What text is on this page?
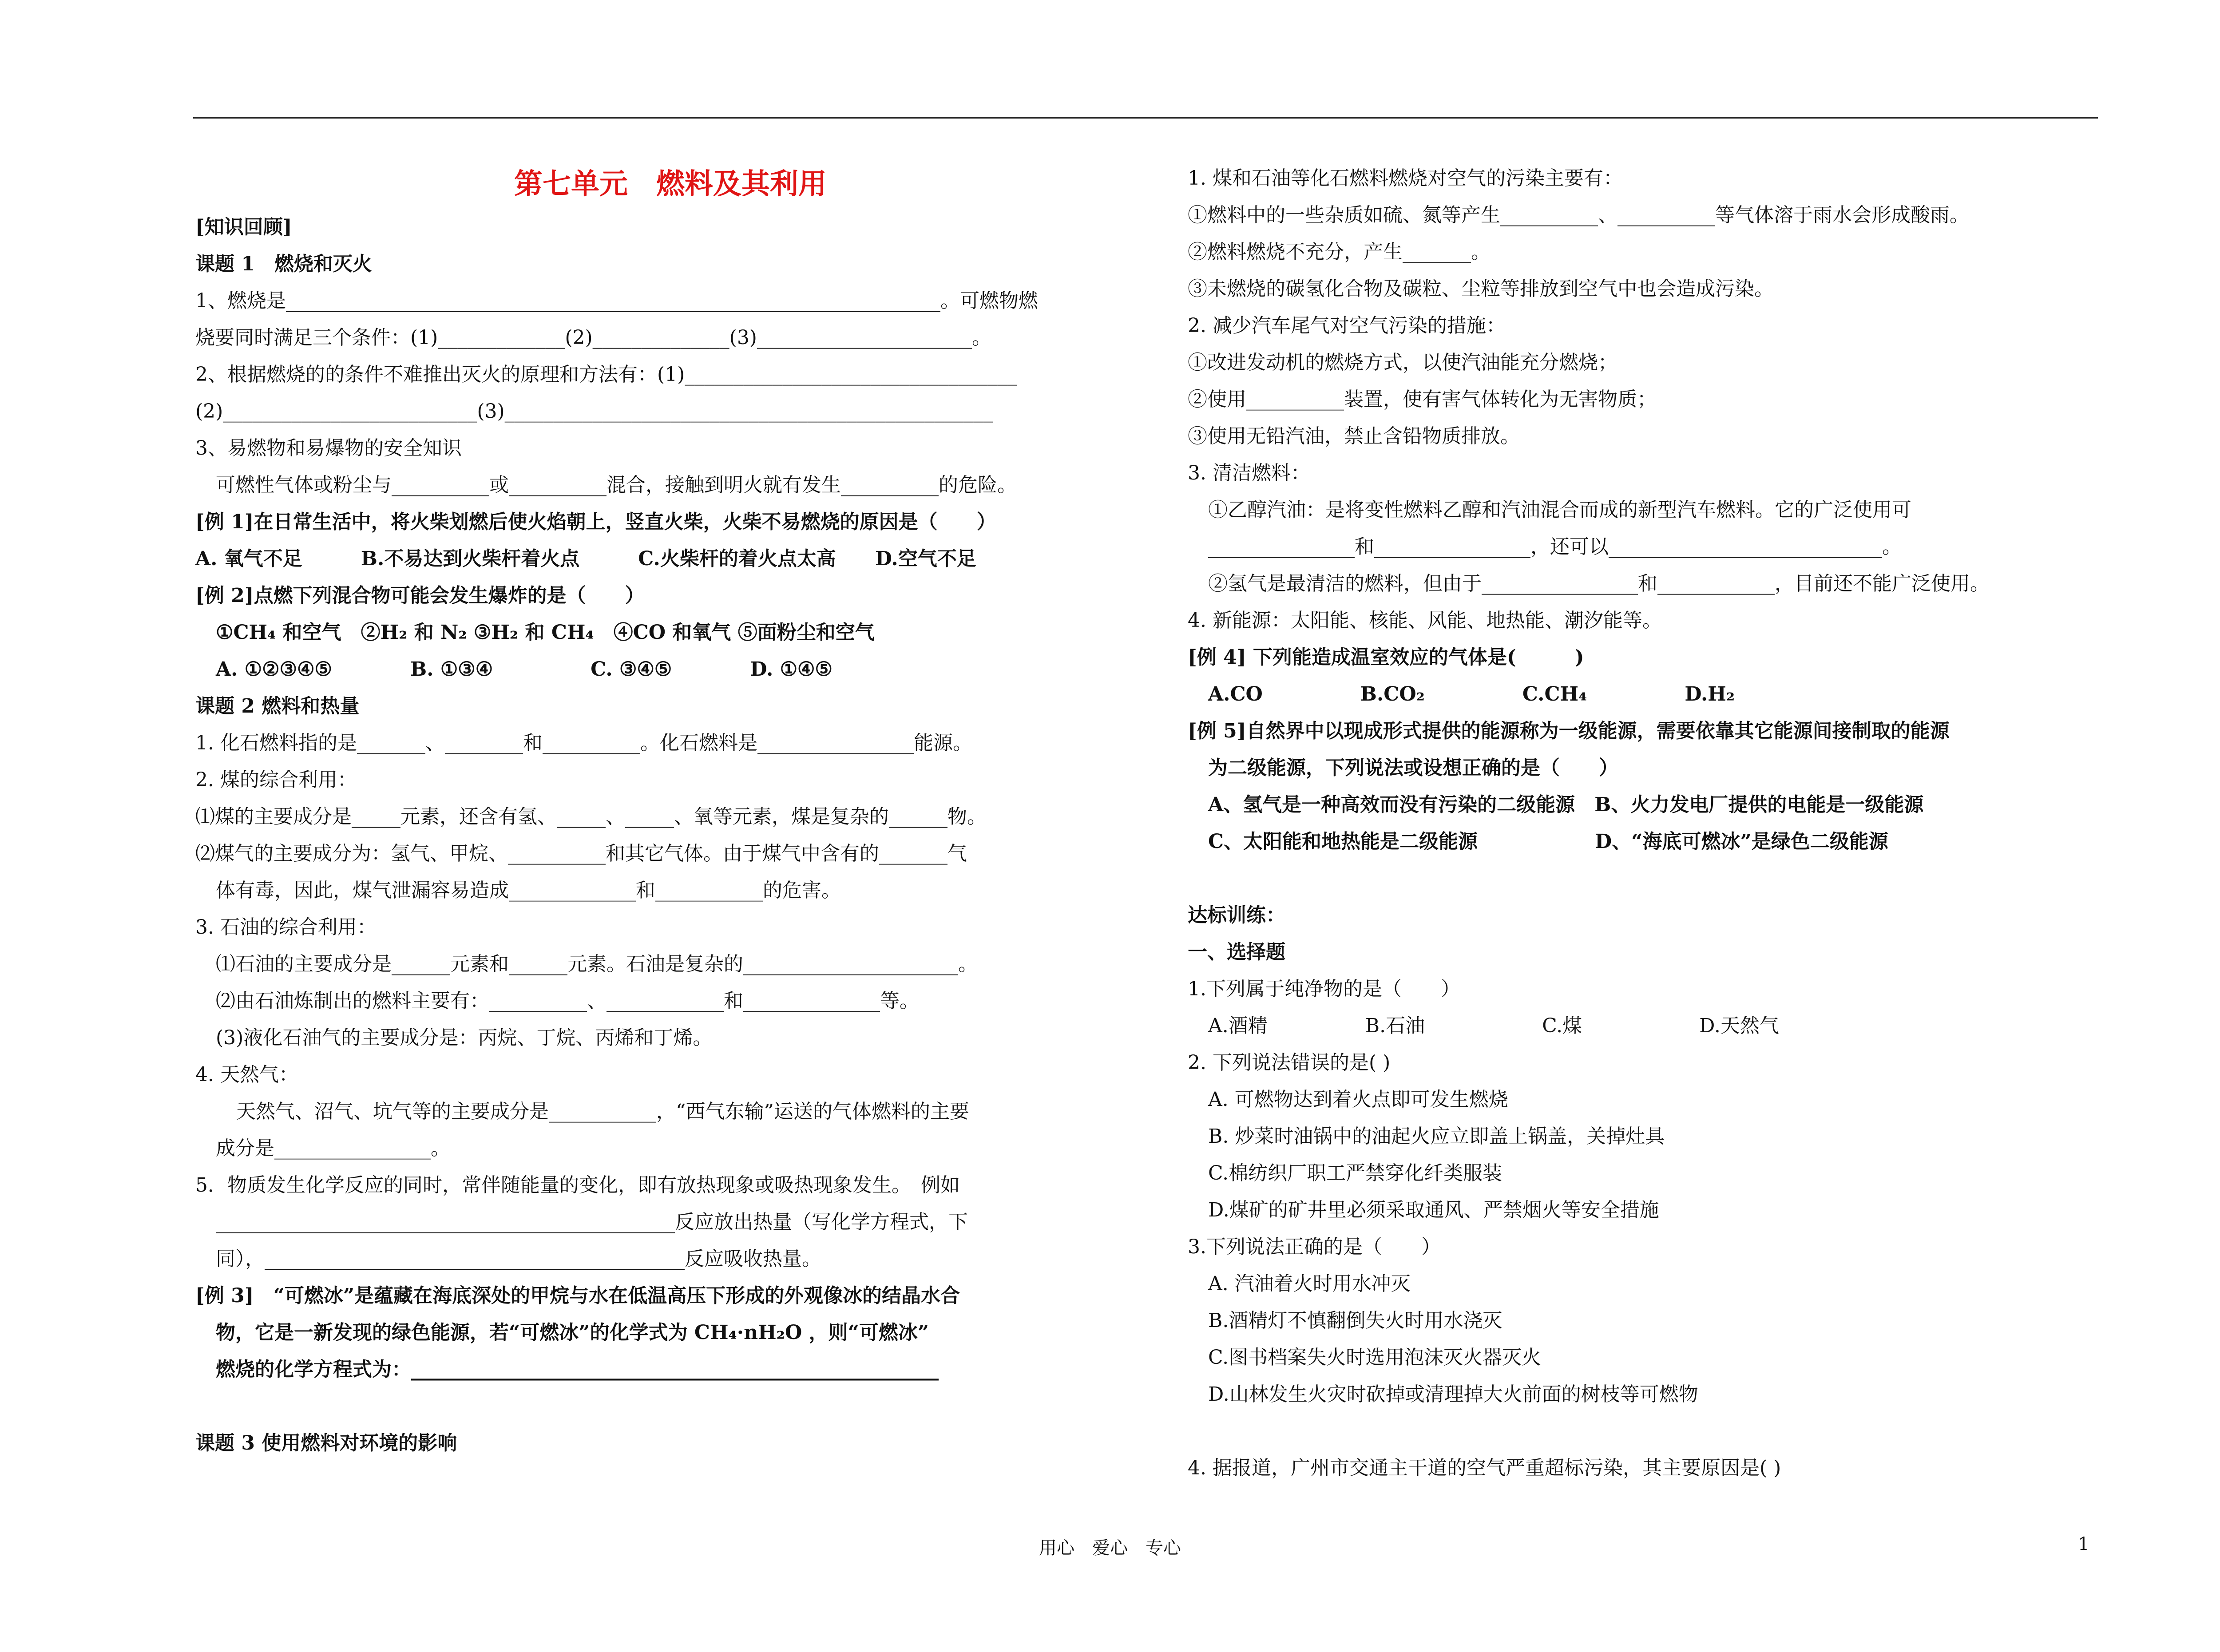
第七单元　燃料及其利用
[知识回顾]
课题 1　燃烧和灭火
1、燃烧是___________________________________________________________________。可燃物燃
烧要同时满足三个条件：(1)_____________(2)______________(3)______________________。
2、根据燃烧的的条件不难推出灭火的原理和方法有：(1)__________________________________
(2)__________________________(3)__________________________________________________
3、易燃物和易爆物的安全知识
可燃性气体或粉尘与__________或__________混合，接触到明火就有发生__________的危险。
[例 1]在日常生活中，将火柴划燃后使火焰朝上，竖直火柴，火柴不易燃烧的原因是（　　）
A. 氧气不足　　　B.不易达到火柴杆着火点　　　C.火柴杆的着火点太高　　D.空气不足
[例 2]点燃下列混合物可能会发生爆炸的是（　　）
①CH₄ 和空气　②H₂ 和 N₂ ③H₂ 和 CH₄　④CO 和氧气 ⑤面粉尘和空气
A. ①②③④⑤　　　　B. ①③④　　　　　C. ③④⑤　　　　D. ①④⑤
课题 2 燃料和热量
1. 化石燃料指的是_______、________和__________。化石燃料是________________能源。
2. 煤的综合利用：
⑴煤的主要成分是_____元素，还含有氢、_____、_____、氧等元素，煤是复杂的______物。
⑵煤气的主要成分为：氢气、甲烷、__________和其它气体。由于煤气中含有的_______气
体有毒，因此，煤气泄漏容易造成_____________和___________的危害。
3. 石油的综合利用：
⑴石油的主要成分是______元素和______元素。石油是复杂的______________________。
⑵由石油炼制出的燃料主要有：__________、____________和______________等。
(3)液化石油气的主要成分是：丙烷、丁烷、丙烯和丁烯。
4. 天然气：
天然气、沼气、坑气等的主要成分是___________，“西气东输”运送的气体燃料的主要
成分是________________。
5．物质发生化学反应的同时，常伴随能量的变化，即有放热现象或吸热现象发生。　例如
_______________________________________________反应放出热量（写化学方程式，下
同），___________________________________________反应吸收热量。
[例 3]　“可燃冰”是蕴藏在海底深处的甲烷与水在低温高压下形成的外观像冰的结晶水合
物，它是一新发现的绿色能源，若“可燃冰”的化学式为 CH₄·nH₂O ，则“可燃冰”
燃烧的化学方程式为：______________________________________________________
课题 3 使用燃料对环境的影响
1. 煤和石油等化石燃料燃烧对空气的污染主要有：
①燃料中的一些杂质如硫、氮等产生__________、__________等气体溶于雨水会形成酸雨。
②燃料燃烧不充分，产生_______。
③未燃烧的碳氢化合物及碳粒、尘粒等排放到空气中也会造成污染。
2. 减少汽车尾气对空气污染的措施：
①改进发动机的燃烧方式，以使汽油能充分燃烧；
②使用__________装置，使有害气体转化为无害物质；
③使用无铅汽油，禁止含铅物质排放。
3. 清洁燃料：
①乙醇汽油：是将变性燃料乙醇和汽油混合而成的新型汽车燃料。它的广泛使用可
_______________和________________，还可以____________________________。
②氢气是最清洁的燃料，但由于________________和____________，目前还不能广泛使用。
4. 新能源：太阳能、核能、风能、地热能、潮汐能等。
[例 4] 下列能造成温室效应的气体是(　　　)
A.CO　　　　　B.CO₂　　　　　C.CH₄　　　　　D.H₂
[例 5]自然界中以现成形式提供的能源称为一级能源，需要依靠其它能源间接制取的能源
为二级能源，下列说法或设想正确的是（　　）
A、氢气是一种高效而没有污染的二级能源　B、火力发电厂提供的电能是一级能源
C、太阳能和地热能是二级能源　　　　　　D、“海底可燃冰”是绿色二级能源
达标训练：
一、选择题
1.下列属于纯净物的是（　　）
A.酒精　　　　　B.石油　　　　　　C.煤　　　　　　D.天然气
2. 下列说法错误的是( )
A. 可燃物达到着火点即可发生燃烧
B. 炒菜时油锅中的油起火应立即盖上锅盖，关掉灶具
C.棉纺织厂职工严禁穿化纤类服装
D.煤矿的矿井里必须采取通风、严禁烟火等安全措施
3.下列说法正确的是（　　）
A. 汽油着火时用水冲灭
B.酒精灯不慎翻倒失火时用水浇灭
C.图书档案失火时选用泡沫灭火器灭火
D.山林发生火灾时砍掉或清理掉大火前面的树枝等可燃物
4. 据报道，广州市交通主干道的空气严重超标污染，其主要原因是( )
用心　爱心　专心	1
